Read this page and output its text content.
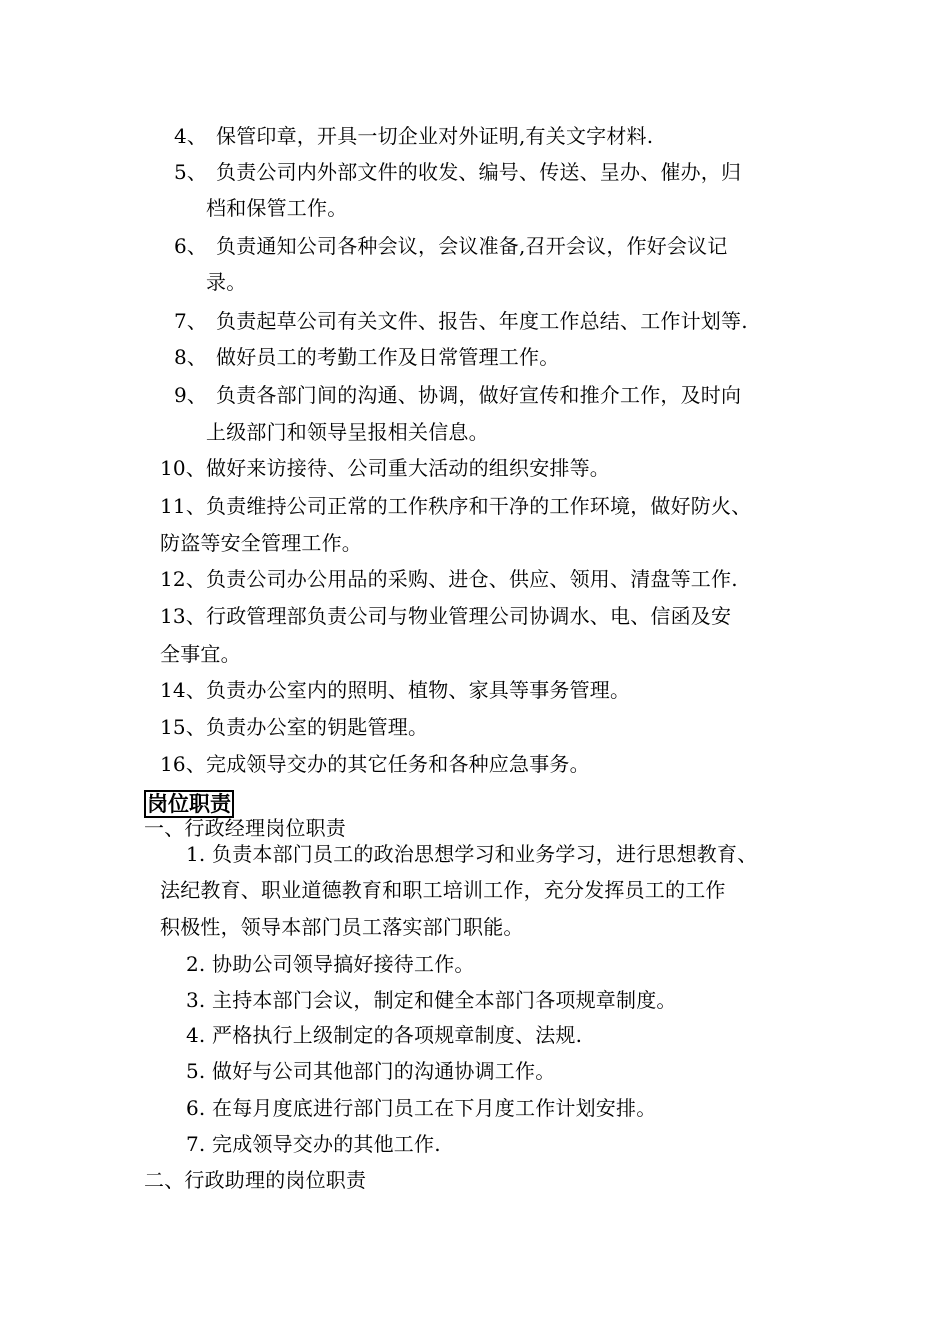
4、 保管印章，开具一切企业对外证明,有关文字材料.
5、 负责公司内外部文件的收发、编号、传送、呈办、催办，归
档和保管工作。
6、 负责通知公司各种会议，会议准备,召开会议，作好会议记
录。
7、 负责起草公司有关文件、报告、年度工作总结、工作计划等.
8、 做好员工的考勤工作及日常管理工作。
9、 负责各部门间的沟通、协调，做好宣传和推介工作，及时向
上级部门和领导呈报相关信息。
10、做好来访接待、公司重大活动的组织安排等。
11、负责维持公司正常的工作秩序和干净的工作环境，做好防火、
防盗等安全管理工作。
12、负责公司办公用品的采购、进仓、供应、领用、清盘等工作.
13、行政管理部负责公司与物业管理公司协调水、电、信函及安
全事宜。
14、负责办公室内的照明、植物、家具等事务管理。
15、负责办公室的钥匙管理。
16、完成领导交办的其它任务和各种应急事务。
岗位职责
一、行政经理岗位职责
1. 负责本部门员工的政治思想学习和业务学习，进行思想教育、
法纪教育、职业道德教育和职工培训工作，充分发挥员工的工作
积极性，领导本部门员工落实部门职能。
2. 协助公司领导搞好接待工作。
3. 主持本部门会议，制定和健全本部门各项规章制度。
4. 严格执行上级制定的各项规章制度、法规.
5. 做好与公司其他部门的沟通协调工作。
6. 在每月度底进行部门员工在下月度工作计划安排。
7. 完成领导交办的其他工作.
二、行政助理的岗位职责
